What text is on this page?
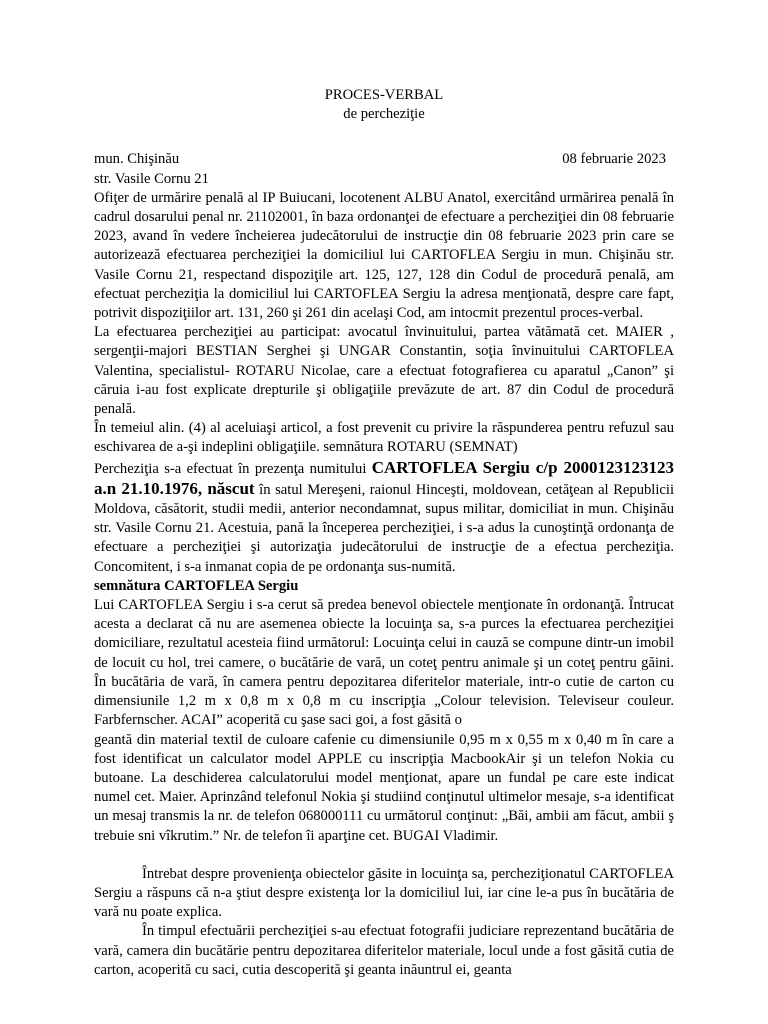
PROCES-VERBAL
de percheziţie
mun. Chişinău	08 februarie 2023
str. Vasile Cornu 21

Ofiţer de urmărire penală al IP Buiucani, locotenent ALBU Anatol, exercitând urmărirea penală în cadrul dosarului penal nr. 21102001, în baza ordonanţei de efectuare a percheziţiei din 08 februarie 2023, avand în vedere încheierea judecătorului de instrucţie din 08 februarie 2023 prin care se autorizează efectuarea percheziţiei la domiciliul lui CARTOFLEA Sergiu in mun. Chişinău str. Vasile Cornu 21, respectand dispoziţile art. 125, 127, 128 din Codul de procedură penală, am efectuat percheziţia la domiciliul lui CARTOFLEA Sergiu la adresa menţionată, despre care fapt, potrivit dispoziţiilor art. 131, 260 şi 261 din acelaşi Cod, am intocmit prezentul proces-verbal.

La efectuarea percheziţiei au participat: avocatul învinuitului, partea vătămată cet. MAIER , sergenţii-majori BESTIAN Serghei şi UNGAR Constantin, soţia învinuitului CARTOFLEA Valentina, specialistul- ROTARU Nicolae, care a efectuat fotografierea cu aparatul „Canon” şi căruia i-au fost explicate drepturile şi obligaţiile prevăzute de art. 87 din Codul de procedură penală.

În temeiul alin. (4) al aceluiaşi articol, a fost prevenit cu privire la răspunderea pentru refuzul sau eschivarea de a-şi indeplini obligaţiile. semnătura ROTARU (SEMNAT)

Percheziţia s-a efectuat în prezenţa numitului CARTOFLEA Sergiu c/p 2000123123123 a.n 21.10.1976, născut în satul Mereşeni, raionul Hinceşti, moldovean, cetăţean al Republicii Moldova, căsătorit, studii medii, anterior necondamnat, supus militar, domiciliat in mun. Chişinău str. Vasile Cornu 21. Acestuia, pană la începerea percheziţiei, i s-a adus la cunoştinţă ordonanţa de efectuare a percheziţiei şi autorizaţia judecătorului de instrucţie de a efectua percheziţia. Concomitent, i s-a inmanat copia de pe ordonanţa sus-numită.

semnătura CARTOFLEA Sergiu

Lui CARTOFLEA Sergiu i s-a cerut să predea benevol obiectele menţionate în ordonanţă. Întrucat acesta a declarat că nu are asemenea obiecte la locuinţa sa, s-a purces la efectuarea percheziţiei domiciliare, rezultatul acesteia fiind următorul: Locuinţa celui in cauză se compune dintr-un imobil de locuit cu hol, trei camere, o bucătărie de vară, un coteţ pentru animale şi un coteţ pentru găini. În bucătăria de vară, în camera pentru depozitarea diferitelor materiale, intr-o cutie de carton cu dimensiunile 1,2 m x 0,8 m x 0,8 m cu inscripţia „Colour television. Televiseur couleur. Farbfernscher. ACAI” acoperită cu şase saci goi, a fost găsită o

geantă din material textil de culoare cafenie cu dimensiunile 0,95 m x 0,55 m x 0,40 m în care a fost identificat un calculator model APPLE cu inscripţia MacbookAir şi un telefon Nokia cu butoane. La deschiderea calculatorului model menţionat, apare un fundal pe care este indicat numel cet. Maier. Aprinzând telefonul Nokia şi studiind conţinutul ultimelor mesaje, s-a identificat un mesaj transmis la nr. de telefon 068000111 cu următorul conţinut: „Băi, ambii am făcut, ambii ş trebuie sni vîkrutim.” Nr. de telefon îi aparţine cet. BUGAI Vladimir.

Întrebat despre provenienţa obiectelor găsite in locuinţa sa, percheziţionatul CARTOFLEA Sergiu a răspuns că n-a ştiut despre existenţa lor la domiciliul lui, iar cine le-a pus în bucătăria de vară nu poate explica.

În timpul efectuării percheziţiei s-au efectuat fotografii judiciare reprezentand bucătăria de vară, camera din bucătărie pentru depozitarea diferitelor materiale, locul unde a fost găsită cutia de carton, acoperită cu saci, cutia descoperită şi geanta inăuntrul ei, geanta
